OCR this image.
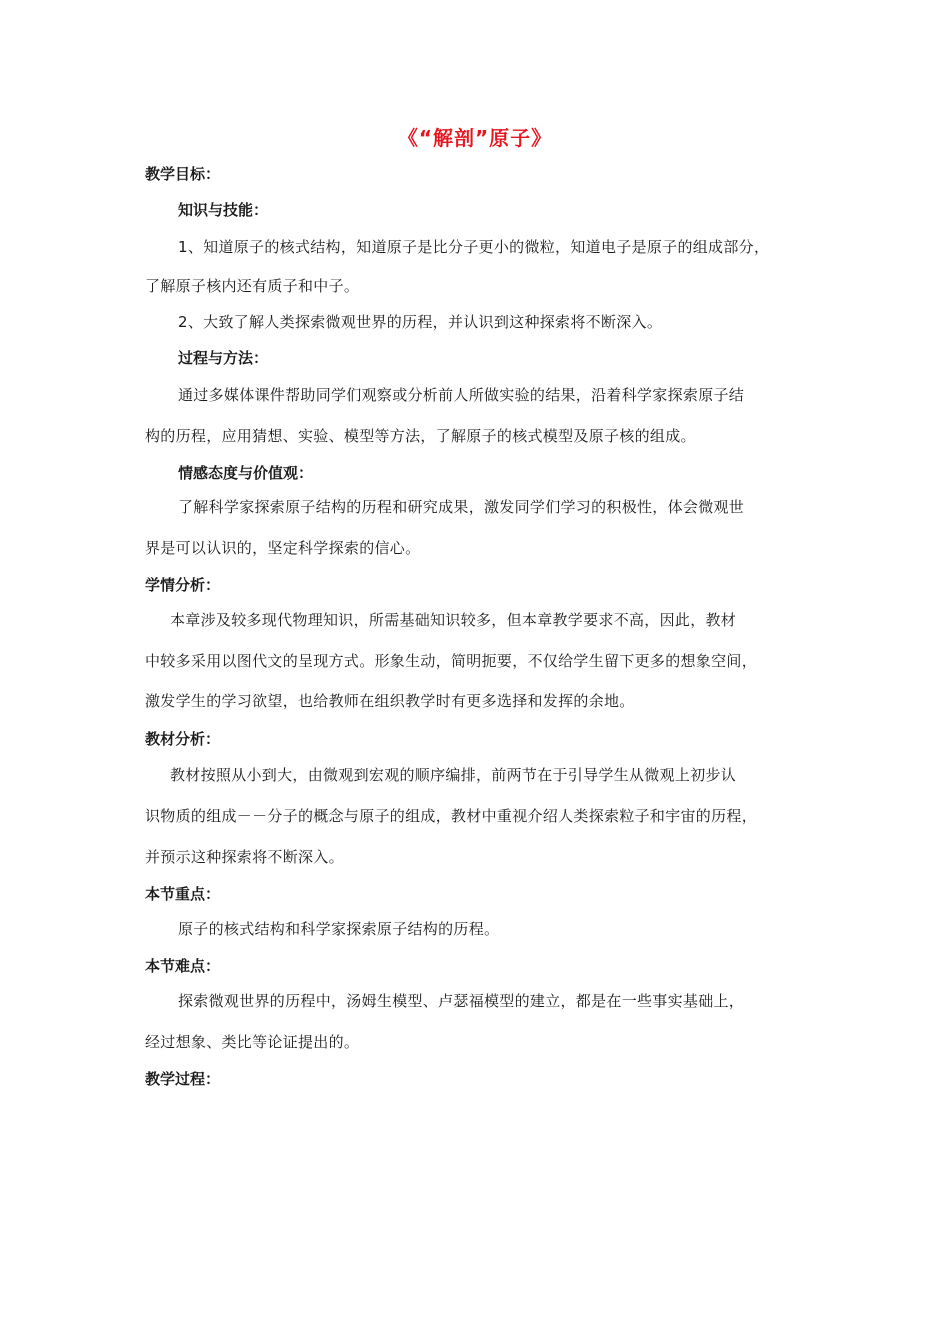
《“解剖”原子》

教学目标：

知识与技能：

1、知道原子的核式结构，知道原子是比分子更小的微粒，知道电子是原子的组成部分，

了解原子核内还有质子和中子。

2、大致了解人类探索微观世界的历程，并认识到这种探索将不断深入。

过程与方法：

通过多媒体课件帮助同学们观察或分析前人所做实验的结果，沿着科学家探索原子结

构的历程，应用猜想、实验、模型等方法，了解原子的核式模型及原子核的组成。

情感态度与价值观：

了解科学家探索原子结构的历程和研究成果，激发同学们学习的积极性，体会微观世

界是可以认识的，坚定科学探索的信心。

学情分析：

本章涉及较多现代物理知识，所需基础知识较多，但本章教学要求不高，因此，教材

中较多采用以图代文的呈现方式。形象生动，简明扼要，不仅给学生留下更多的想象空间，

激发学生的学习欲望，也给教师在组织教学时有更多选择和发挥的余地。

教材分析：

教材按照从小到大，由微观到宏观的顺序编排，前两节在于引导学生从微观上初步认

识物质的组成－－分子的概念与原子的组成，教材中重视介绍人类探索粒子和宇宙的历程，

并预示这种探索将不断深入。

本节重点：

原子的核式结构和科学家探索原子结构的历程。

本节难点：

探索微观世界的历程中，汤姆生模型、卢瑟福模型的建立，都是在一些事实基础上，

经过想象、类比等论证提出的。

教学过程：
